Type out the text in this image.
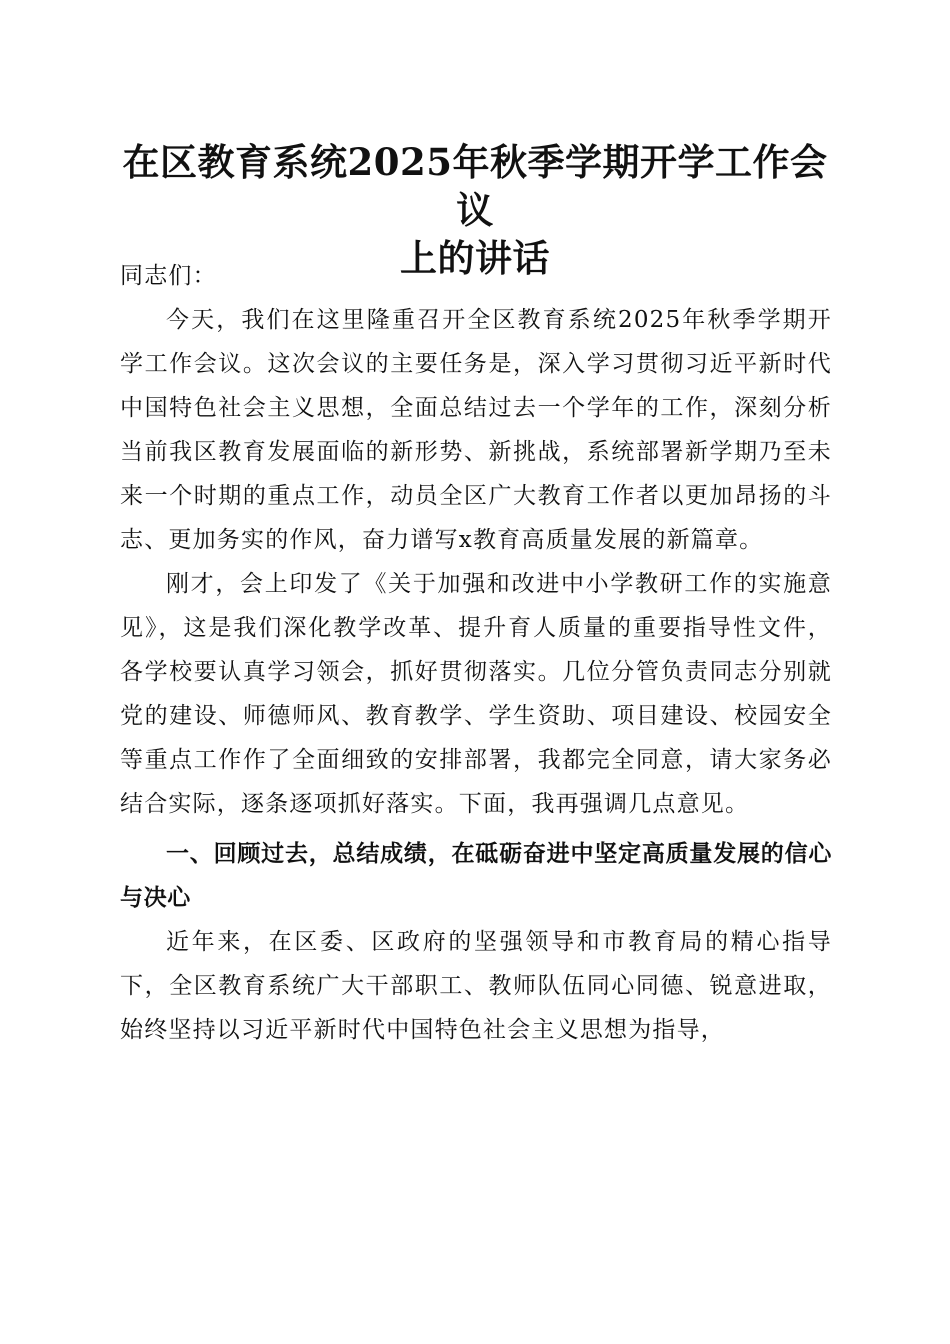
在区教育系统2025年秋季学期开学工作会议
上的讲话

同志们：

今天，我们在这里隆重召开全区教育系统2025年秋季学期开学工作会议。这次会议的主要任务是，深入学习贯彻习近平新时代中国特色社会主义思想，全面总结过去一个学年的工作，深刻分析当前我区教育发展面临的新形势、新挑战，系统部署新学期乃至未来一个时期的重点工作，动员全区广大教育工作者以更加昂扬的斗志、更加务实的作风，奋力谱写x教育高质量发展的新篇章。

刚才，会上印发了《关于加强和改进中小学教研工作的实施意见》，这是我们深化教学改革、提升育人质量的重要指导性文件，各学校要认真学习领会，抓好贯彻落实。几位分管负责同志分别就党的建设、师德师风、教育教学、学生资助、项目建设、校园安全等重点工作作了全面细致的安排部署，我都完全同意，请大家务必结合实际，逐条逐项抓好落实。下面，我再强调几点意见。

一、回顾过去，总结成绩，在砥砺奋进中坚定高质量发展的信心与决心

近年来，在区委、区政府的坚强领导和市教育局的精心指导下，全区教育系统广大干部职工、教师队伍同心同德、锐意进取，始终坚持以习近平新时代中国特色社会主义思想为指导，
